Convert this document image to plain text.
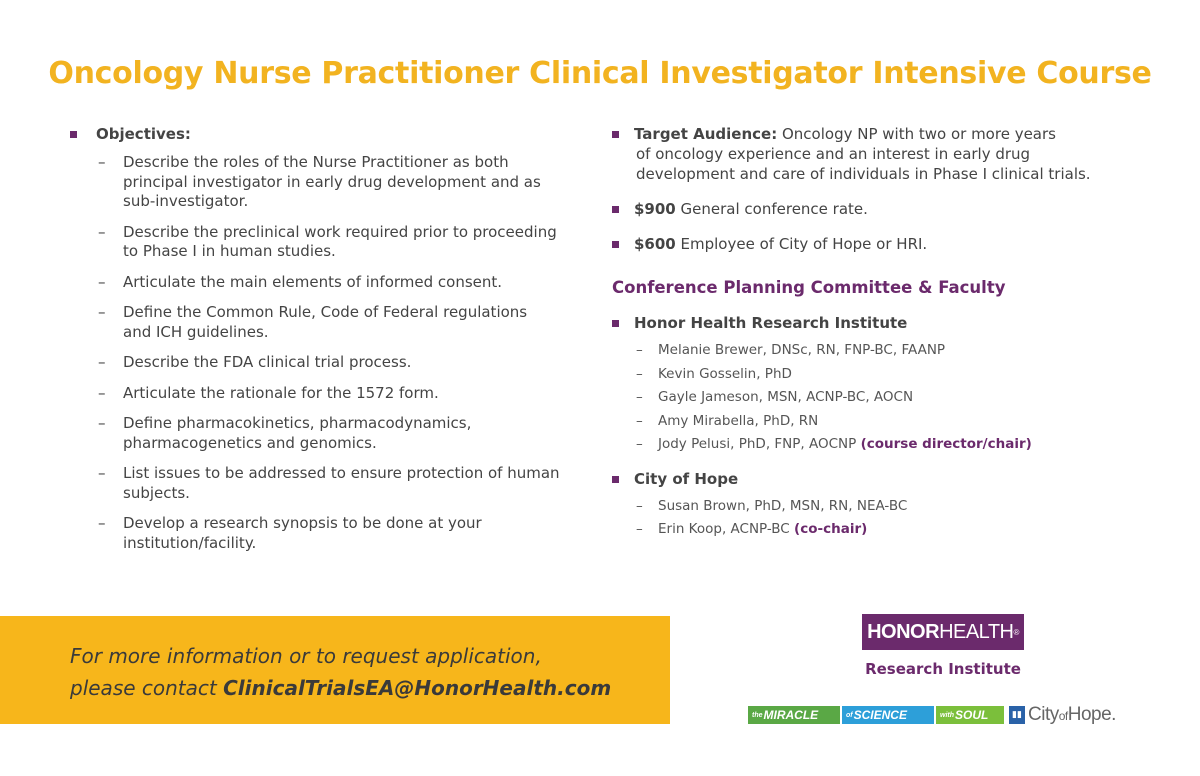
Oncology Nurse Practitioner Clinical Investigator Intensive Course
Objectives:
– Describe the roles of the Nurse Practitioner as both principal investigator in early drug development and as sub-investigator.
– Describe the preclinical work required prior to proceeding to Phase I in human studies.
– Articulate the main elements of informed consent.
– Define the Common Rule, Code of Federal regulations and ICH guidelines.
– Describe the FDA clinical trial process.
– Articulate the rationale for the 1572 form.
– Define pharmacokinetics, pharmacodynamics, pharmacogenetics and genomics.
– List issues to be addressed to ensure protection of human subjects.
– Develop a research synopsis to be done at your institution/facility.
Target Audience: Oncology NP with two or more years
of oncology experience and an interest in early drug
development and care of individuals in Phase I clinical trials.
$900 General conference rate.
$600 Employee of City of Hope or HRI.
Conference Planning Committee & Faculty
Honor Health Research Institute
– Melanie Brewer, DNSc, RN, FNP-BC, FAANP
– Kevin Gosselin, PhD
– Gayle Jameson, MSN, ACNP-BC, AOCN
– Amy Mirabella, PhD, RN
– Jody Pelusi, PhD, FNP, AOCNP (course director/chair)
City of Hope
– Susan Brown, PhD, MSN, RN, NEA-BC
– Erin Koop, ACNP-BC (co-chair)

For more information or to request application,

please contact ClinicalTrialsEA@HonorHealth.com

HONOR HEALTH ®
Research Institute
the MIRACLE	of SCIENCE	with SOUL	▮▮ CityofHope.
